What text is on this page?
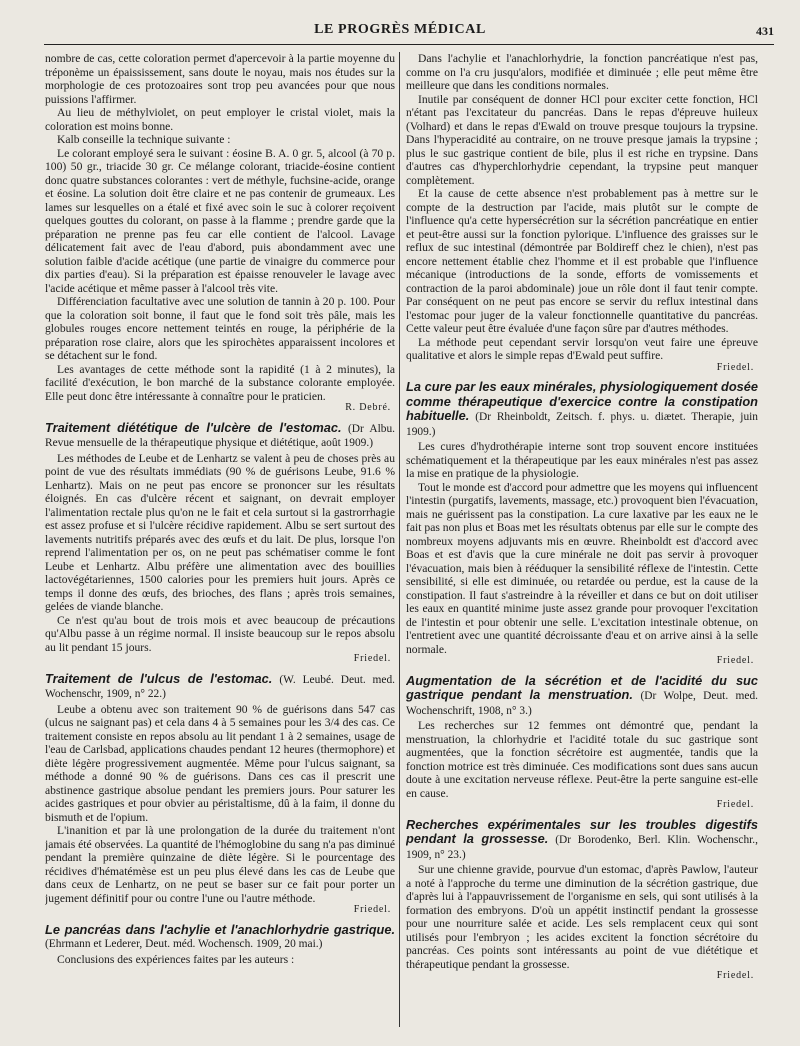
LE PROGRÈS MÉDICAL	431

nombre de cas, cette coloration permet d'apercevoir à la partie moyenne du tréponème un épaississement, sans doute le noyau, mais nos études sur la morphologie de ces protozoaires sont trop peu avancées pour que nous puissions l'affirmer.

Au lieu de méthylviolet, on peut employer le cristal violet, mais la coloration est moins bonne.

Kalb conseille la technique suivante :

Le colorant employé sera le suivant : éosine B. A. 0 gr. 5, alcool (à 70 p. 100) 50 gr., triacide 30 gr. Ce mélange colorant, triacide-éosine contient donc quatre substances colorantes : vert de méthyle, fuchsine-acide, orange et éosine. La solution doit être claire et ne pas contenir de grumeaux. Les lames sur lesquelles on a étalé et fixé avec soin le suc à colorer reçoivent quelques gouttes du colorant, on passe à la flamme ; prendre garde que la préparation ne prenne pas feu car elle contient de l'alcool. Lavage délicatement fait avec de l'eau d'abord, puis abondamment avec une solution faible d'acide acétique (une partie de vinaigre du commerce pour dix parties d'eau). Si la préparation est épaisse renouveler le lavage avec l'acide acétique et même passer à l'alcool très vite.

Différenciation facultative avec une solution de tannin à 20 p. 100. Pour que la coloration soit bonne, il faut que le fond soit très pâle, mais les globules rouges encore nettement teintés en rouge, la périphérie de la préparation rose claire, alors que les spirochètes apparaissent incolores et se détachent sur le fond.

Les avantages de cette méthode sont la rapidité (1 à 2 minutes), la facilité d'exécution, le bon marché de la substance colorante employée. Elle peut donc être intéressante à connaître pour le praticien.

R. Debré.
Traitement diététique de l'ulcère de l'estomac. (Dr Albu. Revue mensuelle de la thérapeutique physique et diététique, août 1909.)

Les méthodes de Leube et de Lenhartz se valent à peu de choses près au point de vue des résultats immédiats (90 % de guérisons Leube, 91.6 % Lenhartz). Mais on ne peut pas encore se prononcer sur les résultats éloignés. En cas d'ulcère récent et saignant, on devrait employer l'alimentation rectale plus qu'on ne le fait et cela surtout si la gastrorrhagie est assez profuse et si l'ulcère récidive rapidement. Albu se sert surtout des lavements nutritifs préparés avec des œufs et du lait. De plus, lorsque l'on reprend l'alimentation per os, on ne peut pas schématiser comme le font Leube et Lenhartz. Albu préfère une alimentation avec des bouillies lactovégétariennes, 1500 calories pour les premiers huit jours. Après ce temps il donne des œufs, des brioches, des flans ; après trois semaines, gelées de viande blanche.

Ce n'est qu'au bout de trois mois et avec beaucoup de précautions qu'Albu passe à un régime normal. Il insiste beaucoup sur le repos absolu au lit pendant 15 jours.

Friedel.
Traitement de l'ulcus de l'estomac. (W. Leubé. Deut. med. Wochenschr, 1909, n° 22.)

Leube a obtenu avec son traitement 90 % de guérisons dans 547 cas (ulcus ne saignant pas) et cela dans 4 à 5 semaines pour les 3/4 des cas. Ce traitement consiste en repos absolu au lit pendant 1 à 2 semaines, usage de l'eau de Carlsbad, applications chaudes pendant 12 heures (thermophore) et diète légère progressivement augmentée. Même pour l'ulcus saignant, sa méthode a donné 90 % de guérisons. Dans ces cas il prescrit une abstinence gastrique absolue pendant les premiers jours. Pour saturer les acides gastriques et pour obvier au péristaltisme, dû à la faim, il donne du bismuth et de l'opium.

L'inanition et par là une prolongation de la durée du traitement n'ont jamais été observées. La quantité de l'hémoglobine du sang n'a pas diminué pendant la première quinzaine de diète légère. Si le pourcentage des récidives d'hématémèse est un peu plus élevé dans les cas de Leube que dans ceux de Lenhartz, on ne peut se baser sur ce fait pour porter un jugement définitif pour ou contre l'une ou l'autre méthode.

Friedel.
Le pancréas dans l'achylie et l'anachlorhydrie gastrique. (Ehrmann et Lederer, Deut. méd. Wochensch. 1909, 20 mai.)

Conclusions des expériences faites par les auteurs :

Dans l'achylie et l'anachlorhydrie, la fonction pancréatique n'est pas, comme on l'a cru jusqu'alors, modifiée et diminuée ; elle peut même être meilleure que dans les conditions normales.

Inutile par conséquent de donner HCl pour exciter cette fonction, HCl n'étant pas l'excitateur du pancréas. Dans le repas d'épreuve huileux (Volhard) et dans le repas d'Ewald on trouve presque toujours la trypsine. Dans l'hyperacidité au contraire, on ne trouve presque jamais la trypsine ; plus le suc gastrique contient de bile, plus il est riche en trypsine. Dans d'autres cas d'hyperchlorhydrie cependant, la trypsine peut manquer complètement.

Et la cause de cette absence n'est probablement pas à mettre sur le compte de la destruction par l'acide, mais plutôt sur le compte de l'influence qu'a cette hypersécrétion sur la sécrétion pancréatique en entier et peut-être aussi sur la fonction pylorique. L'influence des graisses sur le reflux de suc intestinal (démontrée par Boldireff chez le chien), n'est pas encore nettement établie chez l'homme et il est probable que l'influence mécanique (introductions de la sonde, efforts de vomissements et contraction de la paroi abdominale) joue un rôle dont il faut tenir compte. Par conséquent on ne peut pas encore se servir du reflux intestinal dans l'estomac pour juger de la valeur fonctionnelle quantitative du pancréas. Cette valeur peut être évaluée d'une façon sûre par d'autres méthodes.

La méthode peut cependant servir lorsqu'on veut faire une épreuve qualitative et alors le simple repas d'Ewald peut suffire.

Friedel.
La cure par les eaux minérales, physiologiquement dosée comme thérapeutique d'exercice contre la constipation habituelle. (Dr Rheinboldt, Zeitsch. f. phys. u. diætet. Therapie, juin 1909.)

Les cures d'hydrothérapie interne sont trop souvent encore instituées schématiquement et la thérapeutique par les eaux minérales n'est pas assez la mise en pratique de la physiologie.

Tout le monde est d'accord pour admettre que les moyens qui influencent l'intestin (purgatifs, lavements, massage, etc.) provoquent bien l'évacuation, mais ne guérissent pas la constipation. La cure laxative par les eaux ne le fait pas non plus et Boas met les résultats obtenus par elle sur le compte des nombreux moyens adjuvants mis en œuvre. Rheinboldt est d'accord avec Boas et est d'avis que la cure minérale ne doit pas servir à provoquer l'évacuation, mais bien à rééduquer la sensibilité réflexe de l'intestin. Cette sensibilité, si elle est diminuée, ou retardée ou perdue, est la cause de la constipation. Il faut s'astreindre à la réveiller et dans ce but on doit utiliser les eaux en quantité minime juste assez grande pour provoquer l'excitation de l'intestin et pour obtenir une selle. L'excitation intestinale obtenue, on l'entretient avec une quantité décroissante d'eau et on arrive ainsi à la selle normale.

Friedel.
Augmentation de la sécrétion et de l'acidité du suc gastrique pendant la menstruation. (Dr Wolpe, Deut. med. Wochenschrift, 1908, n° 3.)

Les recherches sur 12 femmes ont démontré que, pendant la menstruation, la chlorhydrie et l'acidité totale du suc gastrique sont augmentées, que la fonction sécrétoire est augmentée, tandis que la fonction motrice est très diminuée. Ces modifications sont dues sans aucun doute à une excitation nerveuse réflexe. Peut-être la perte sanguine est-elle en cause.

Friedel.
Recherches expérimentales sur les troubles digestifs pendant la grossesse. (Dr Borodenko, Berl. Klin. Wochenschr., 1909, n° 23.)

Sur une chienne gravide, pourvue d'un estomac, d'après Pawlow, l'auteur a noté à l'approche du terme une diminution de la sécrétion gastrique, due d'après lui à l'appauvrissement de l'organisme en sels, qui sont utilisés à la formation des embryons. D'où un appétit instinctif pendant la grossesse pour une nourriture salée et acide. Les sels remplacent ceux qui sont utilisés pour l'embryon ; les acides excitent la fonction sécrétoire du pancréas. Ces points sont intéressants au point de vue diététique et thérapeutique pendant la grossesse.

Friedel.
